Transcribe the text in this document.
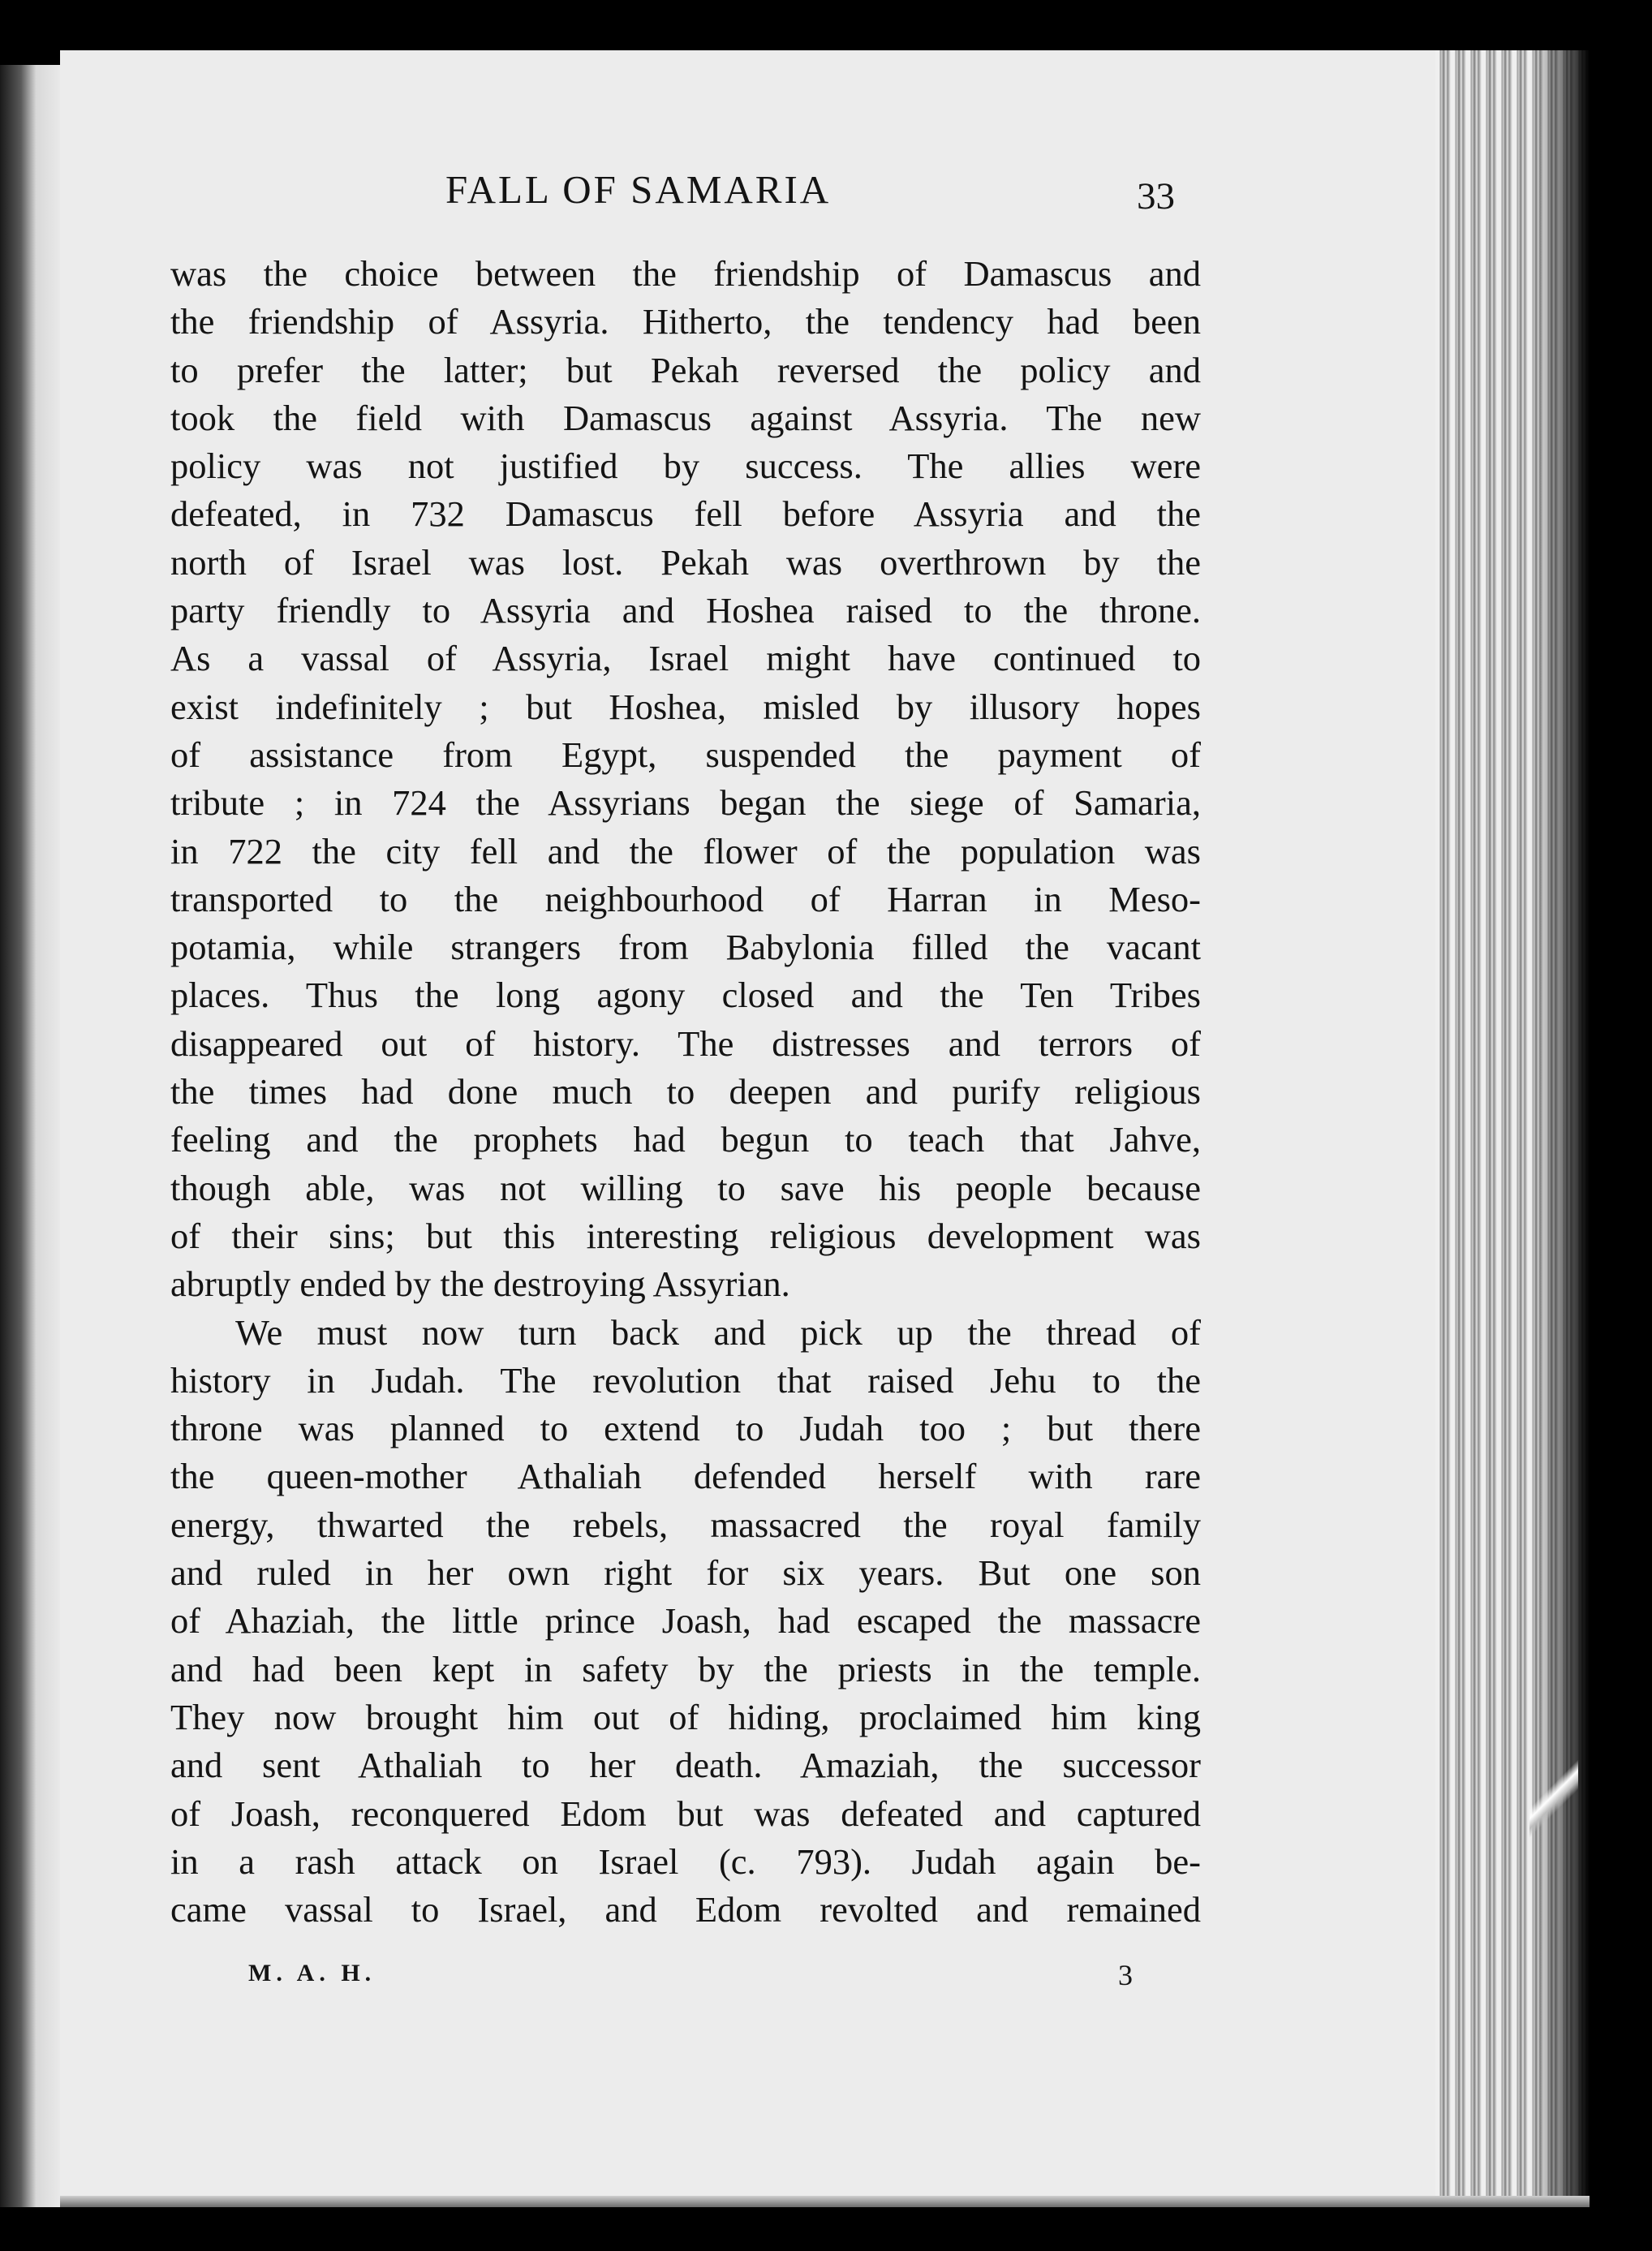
FALL OF SAMARIA	33
was the choice between the friendship of Damascus and
the friendship of Assyria. Hitherto, the tendency had been
to prefer the latter; but Pekah reversed the policy and
took the field with Damascus against Assyria. The new
policy was not justified by success. The allies were
defeated, in 732 Damascus fell before Assyria and the
north of Israel was lost. Pekah was overthrown by the
party friendly to Assyria and Hoshea raised to the throne.
As a vassal of Assyria, Israel might have continued to
exist indefinitely ; but Hoshea, misled by illusory hopes
of assistance from Egypt, suspended the payment of
tribute ; in 724 the Assyrians began the siege of Samaria,
in 722 the city fell and the flower of the population was
transported to the neighbourhood of Harran in Meso-
potamia, while strangers from Babylonia filled the vacant
places. Thus the long agony closed and the Ten Tribes
disappeared out of history. The distresses and terrors of
the times had done much to deepen and purify religious
feeling and the prophets had begun to teach that Jahve,
though able, was not willing to save his people because
of their sins; but this interesting religious development was
abruptly ended by the destroying Assyrian.
We must now turn back and pick up the thread of
history in Judah. The revolution that raised Jehu to the
throne was planned to extend to Judah too ; but there
the queen-mother Athaliah defended herself with rare
energy, thwarted the rebels, massacred the royal family
and ruled in her own right for six years. But one son
of Ahaziah, the little prince Joash, had escaped the massacre
and had been kept in safety by the priests in the temple.
They now brought him out of hiding, proclaimed him king
and sent Athaliah to her death. Amaziah, the successor
of Joash, reconquered Edom but was defeated and captured
in a rash attack on Israel (c. 793). Judah again be-
came vassal to Israel, and Edom revolted and remained
M. A. H.	3
